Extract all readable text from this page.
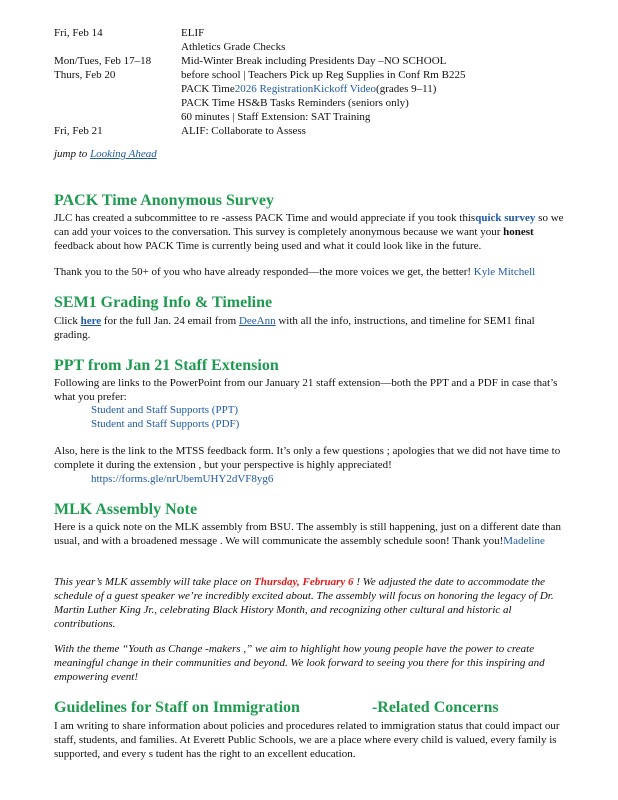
Fri, Feb 14	ELIF
Athletics Grade Checks
Mon/Tues, Feb 17–18	Mid-Winter Break including Presidents Day –NO SCHOOL
Thurs, Feb 20	before school | Teachers Pick up Reg Supplies in Conf Rm B225
PACK Time2026 RegistrationKickoff Video(grades 9–11)
PACK Time HS&B Tasks Reminders (seniors only)
60 minutes | Staff Extension: SAT Training
Fri, Feb 21	ALIF: Collaborate to Assess
jump to Looking Ahead
PACK Time Anonymous Survey

JLC has created a subcommittee to re -assess PACK Time and would appreciate if you took thisquick survey so we can add your voices to the conversation. This survey is completely anonymous because we want your honest feedback about how PACK Time is currently being used and what it could look like in the future.

Thank you to the 50+ of you who have already responded—the more voices we get, the better! Kyle Mitchell

SEM1 Grading Info & Timeline

Click here for the full Jan. 24 email from DeeAnn with all the info, instructions, and timeline for SEM1 final grading.

PPT from Jan 21 Staff Extension

Following are links to the PowerPoint from our January 21 staff extension—both the PPT and a PDF in case that’s what you prefer:

Student and Staff Supports (PPT)
Student and Staff Supports (PDF)

Also, here is the link to the MTSS feedback form. It’s only a few questions ; apologies that we did not have time to complete it during the extension , but your perspective is highly appreciated!

https://forms.gle/nrUbemUHY2dVF8yg6
MLK Assembly Note

Here is a quick note on the MLK assembly from BSU. The assembly is still happening, just on a different date than usual, and with a broadened message . We will communicate the assembly schedule soon! Thank you!Madeline

This year’s MLK assembly will take place on Thursday, February 6 ! We adjusted the date to accommodate the schedule of a guest speaker we’re incredibly excited about. The assembly will focus on honoring the legacy of Dr. Martin Luther King Jr., celebrating Black History Month, and recognizing other cultural and historic al contributions.

With the theme “Youth as Change -makers ,” we aim to highlight how young people have the power to create meaningful change in their communities and beyond. We look forward to seeing you there for this inspiring and empowering event!

Guidelines for Staff on Immigration	-Related Concerns

I am writing to share information about policies and procedures related to immigration status that could impact our staff, students, and families. At Everett Public Schools, we are a place where every child is valued, every family is supported, and every s tudent has the right to an excellent education.
